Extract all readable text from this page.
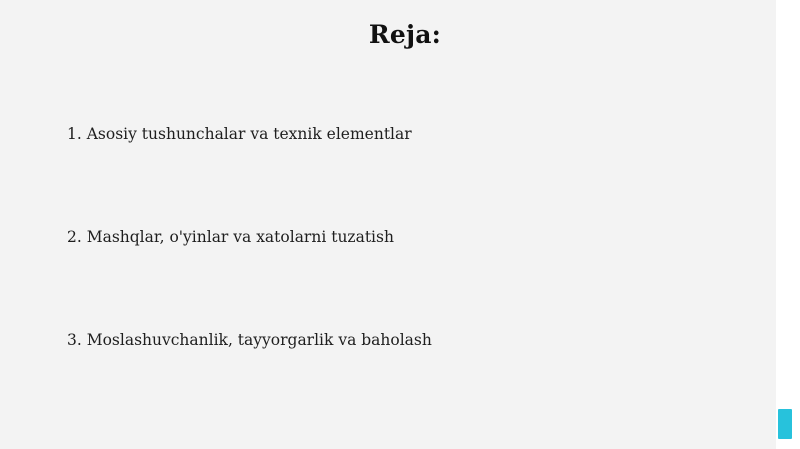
Reja:
1. Asosiy tushunchalar va texnik elementlar
2. Mashqlar, o'yinlar va xatolarni tuzatish
3. Moslashuvchanlik, tayyorgarlik va baholash
